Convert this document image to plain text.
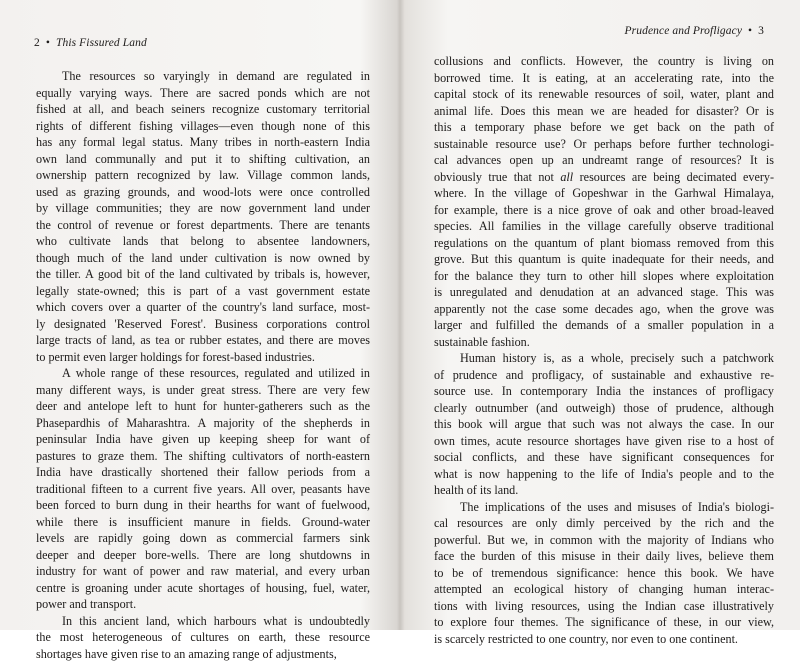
2 • This Fissured Land
The resources so varyingly in demand are regulated in
equally varying ways. There are sacred ponds which are not
fished at all, and beach seiners recognize customary territorial
rights of different fishing villages—even though none of this
has any formal legal status. Many tribes in north-eastern India
own land communally and put it to shifting cultivation, an
ownership pattern recognized by law. Village common lands,
used as grazing grounds, and wood-lots were once controlled
by village communities; they are now government land under
the control of revenue or forest departments. There are tenants
who cultivate lands that belong to absentee landowners,
though much of the land under cultivation is now owned by
the tiller. A good bit of the land cultivated by tribals is, however,
legally state-owned; this is part of a vast government estate
which covers over a quarter of the country's land surface, most-
ly designated 'Reserved Forest'. Business corporations control
large tracts of land, as tea or rubber estates, and there are moves
to permit even larger holdings for forest-based industries.
A whole range of these resources, regulated and utilized in
many different ways, is under great stress. There are very few
deer and antelope left to hunt for hunter-gatherers such as the
Phasepardhis of Maharashtra. A majority of the shepherds in
peninsular India have given up keeping sheep for want of
pastures to graze them. The shifting cultivators of north-eastern
India have drastically shortened their fallow periods from a
traditional fifteen to a current five years. All over, peasants have
been forced to burn dung in their hearths for want of fuelwood,
while there is insufficient manure in fields. Ground-water
levels are rapidly going down as commercial farmers sink
deeper and deeper bore-wells. There are long shutdowns in
industry for want of power and raw material, and every urban
centre is groaning under acute shortages of housing, fuel, water,
power and transport.
In this ancient land, which harbours what is undoubtedly
the most heterogeneous of cultures on earth, these resource
shortages have given rise to an amazing range of adjustments,
Prudence and Profligacy • 3
collusions and conflicts. However, the country is living on
borrowed time. It is eating, at an accelerating rate, into the
capital stock of its renewable resources of soil, water, plant and
animal life. Does this mean we are headed for disaster? Or is
this a temporary phase before we get back on the path of
sustainable resource use? Or perhaps before further technologi-
cal advances open up an undreamt range of resources? It is
obviously true that not all resources are being decimated every-
where. In the village of Gopeshwar in the Garhwal Himalaya,
for example, there is a nice grove of oak and other broad-leaved
species. All families in the village carefully observe traditional
regulations on the quantum of plant biomass removed from this
grove. But this quantum is quite inadequate for their needs, and
for the balance they turn to other hill slopes where exploitation
is unregulated and denudation at an advanced stage. This was
apparently not the case some decades ago, when the grove was
larger and fulfilled the demands of a smaller population in a
sustainable fashion.
Human history is, as a whole, precisely such a patchwork
of prudence and profligacy, of sustainable and exhaustive re-
source use. In contemporary India the instances of profligacy
clearly outnumber (and outweigh) those of prudence, although
this book will argue that such was not always the case. In our
own times, acute resource shortages have given rise to a host of
social conflicts, and these have significant consequences for
what is now happening to the life of India's people and to the
health of its land.
The implications of the uses and misuses of India's biologi-
cal resources are only dimly perceived by the rich and the
powerful. But we, in common with the majority of Indians who
face the burden of this misuse in their daily lives, believe them
to be of tremendous significance: hence this book. We have
attempted an ecological history of changing human interac-
tions with living resources, using the Indian case illustratively
to explore four themes. The significance of these, in our view,
is scarcely restricted to one country, nor even to one continent.
